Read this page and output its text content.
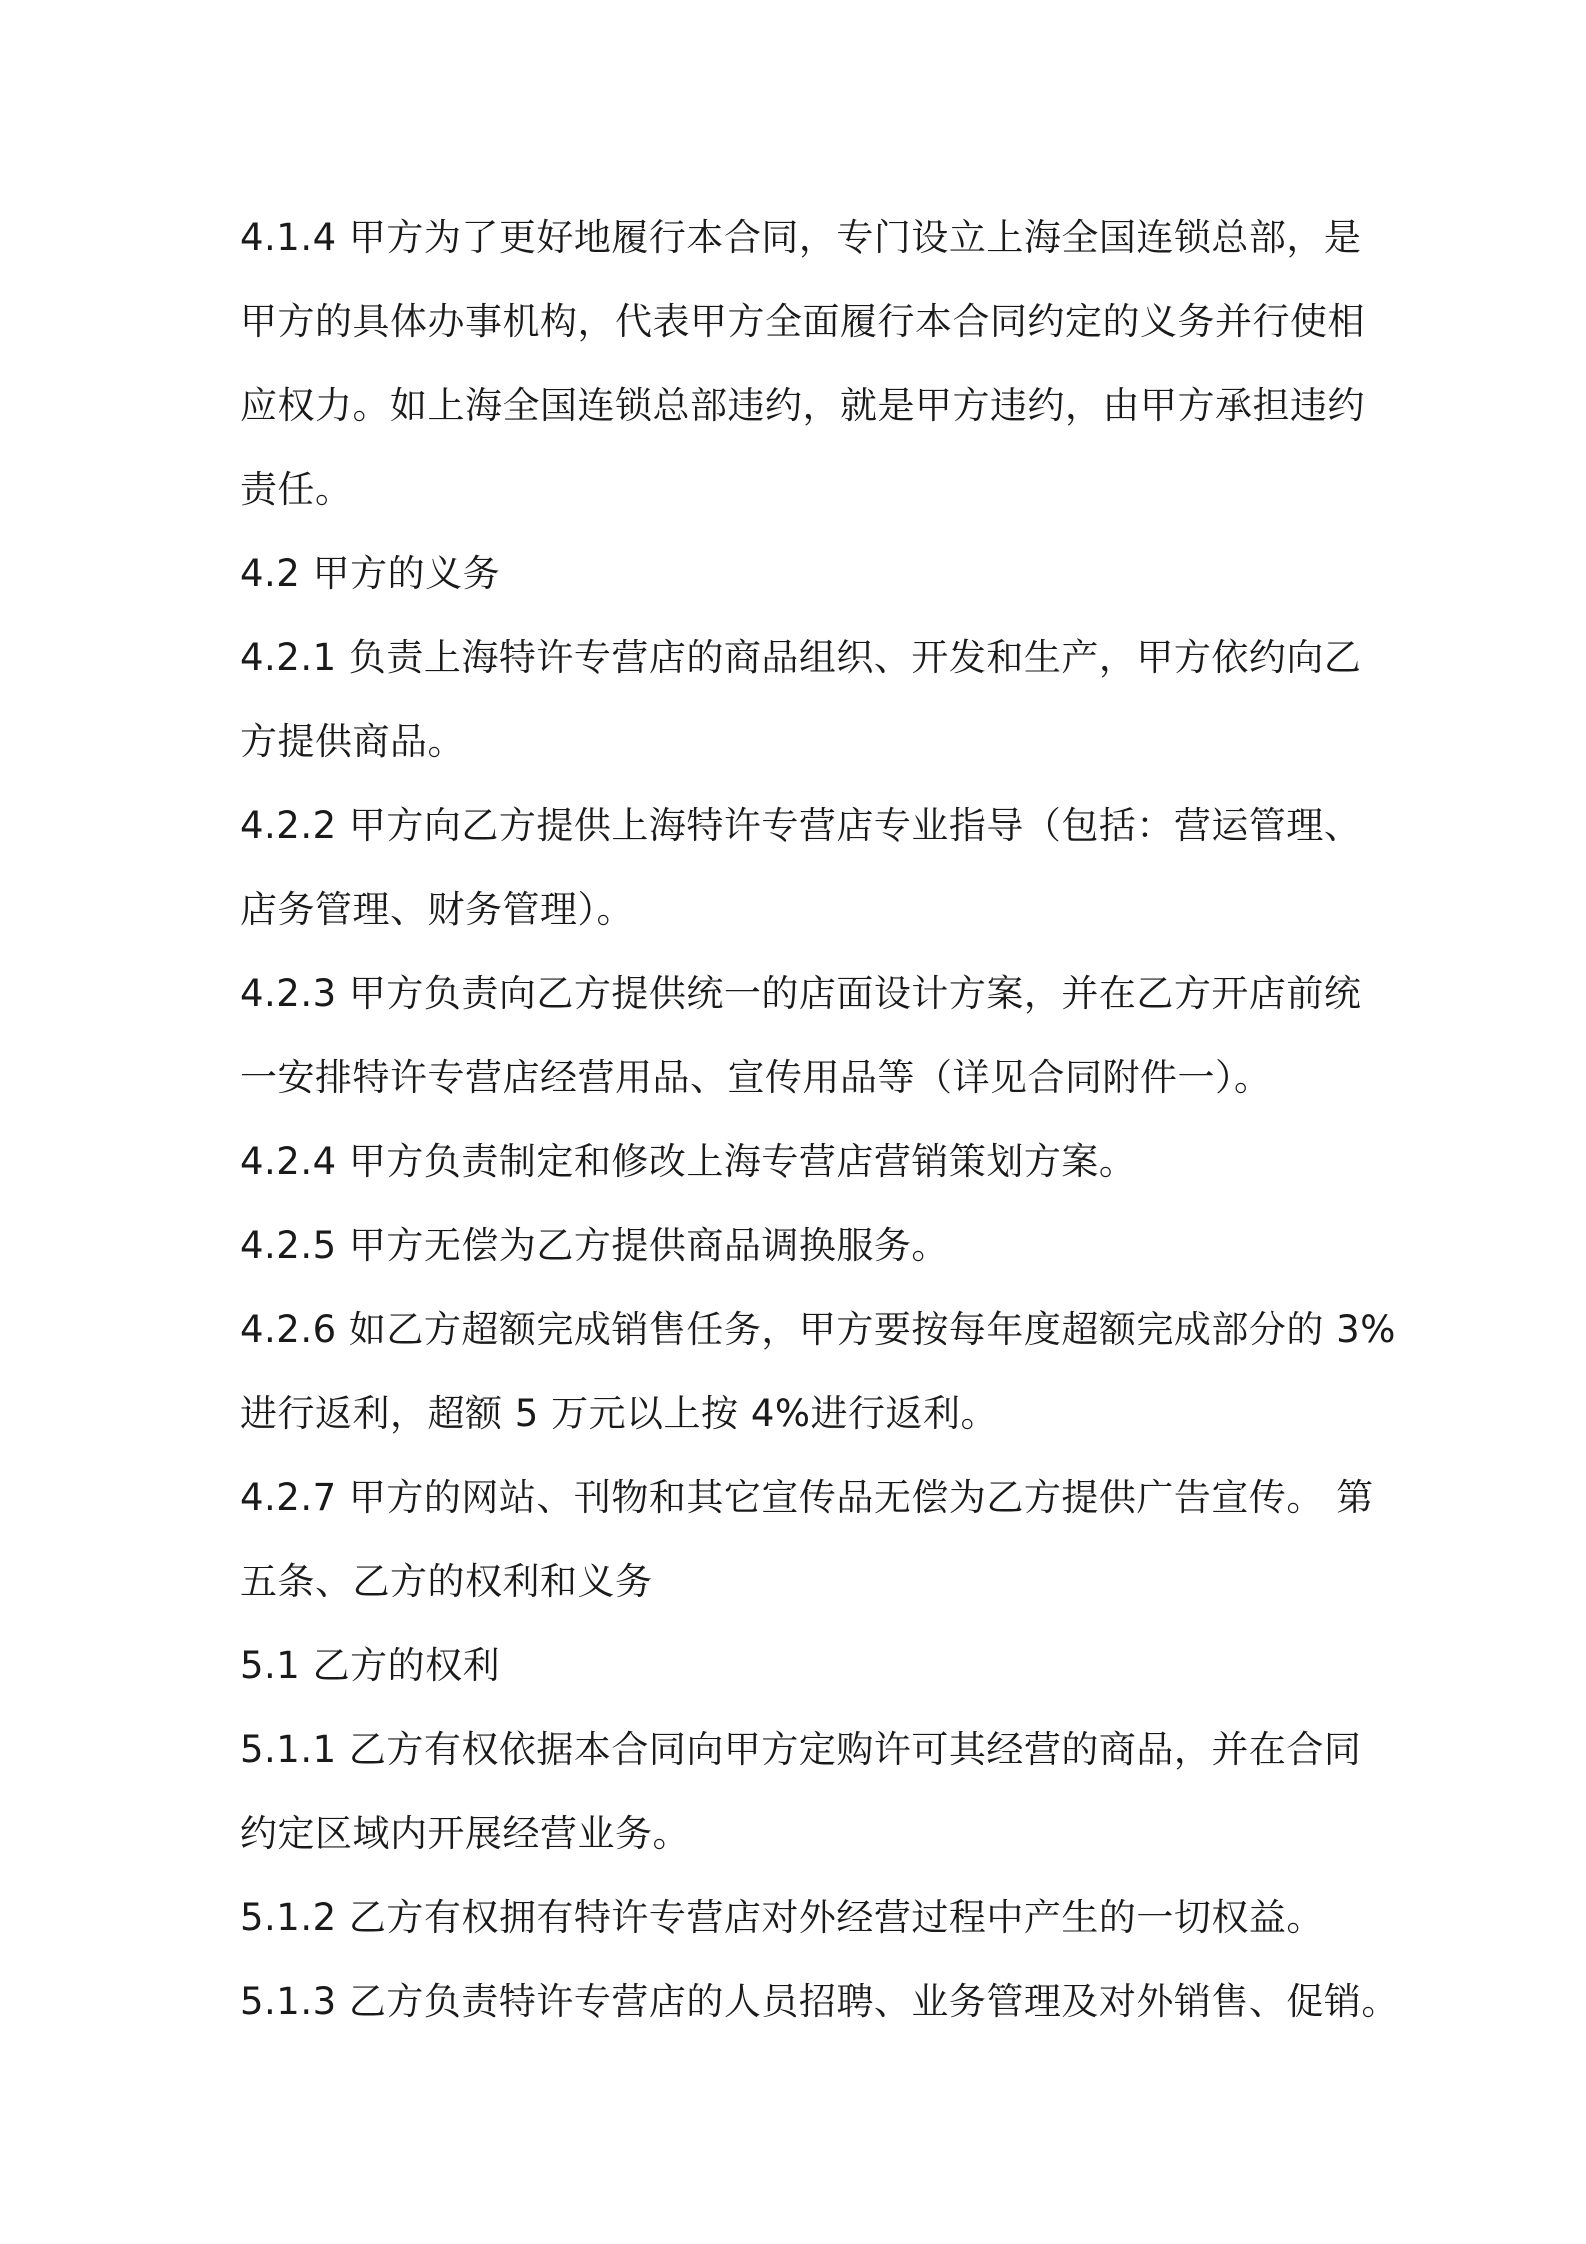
4.1.4 甲方为了更好地履行本合同，专门设立上海全国连锁总部，是
甲方的具体办事机构，代表甲方全面履行本合同约定的义务并行使相
应权力。如上海全国连锁总部违约，就是甲方违约，由甲方承担违约
责任。
4.2 甲方的义务
4.2.1 负责上海特许专营店的商品组织、开发和生产，甲方依约向乙
方提供商品。
4.2.2 甲方向乙方提供上海特许专营店专业指导（包括：营运管理、
店务管理、财务管理）。
4.2.3 甲方负责向乙方提供统一的店面设计方案，并在乙方开店前统
一安排特许专营店经营用品、宣传用品等（详见合同附件一）。
4.2.4 甲方负责制定和修改上海专营店营销策划方案。
4.2.5 甲方无偿为乙方提供商品调换服务。
4.2.6 如乙方超额完成销售任务，甲方要按每年度超额完成部分的 3%
进行返利，超额 5 万元以上按 4%进行返利。
4.2.7 甲方的网站、刊物和其它宣传品无偿为乙方提供广告宣传。 第
五条、乙方的权利和义务
5.1 乙方的权利
5.1.1 乙方有权依据本合同向甲方定购许可其经营的商品，并在合同
约定区域内开展经营业务。
5.1.2 乙方有权拥有特许专营店对外经营过程中产生的一切权益。
5.1.3 乙方负责特许专营店的人员招聘、业务管理及对外销售、促销。
